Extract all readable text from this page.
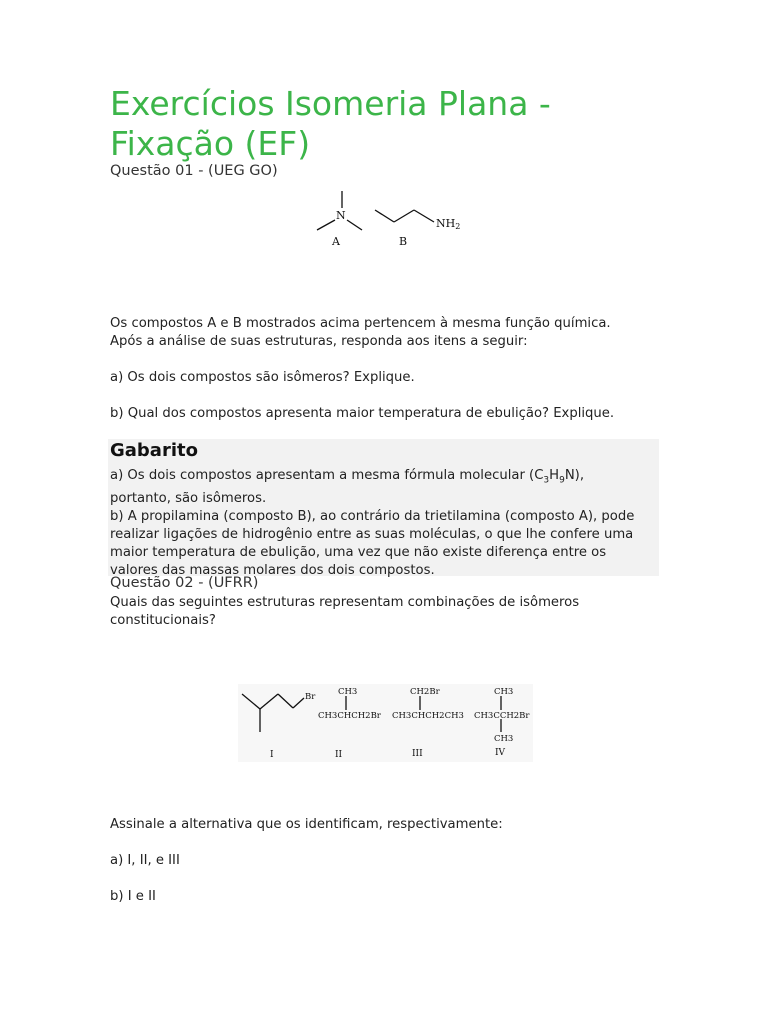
Exercícios Isomeria Plana - Fixação (EF)
Questão 01 - (UEG GO)
N
NH2
A	B
Os compostos A e B mostrados acima pertencem à mesma função química.
Após a análise de suas estruturas, responda aos itens a seguir:
a) Os dois compostos são isômeros? Explique.
b) Qual dos compostos apresenta maior temperatura de ebulição? Explique.
Gabarito
a) Os dois compostos apresentam a mesma fórmula molecular $(C_3H_9N)$,
portanto, são isômeros.
b) A propilamina (composto B), ao contrário da trietilamina (composto A), pode realizar ligações de hidrogênio entre as suas moléculas, o que lhe confere uma maior temperatura de ebulição, uma vez que não existe diferença entre os valores das massas molares dos dois compostos.
Questão 02 - (UFRR)
Quais das seguintes estruturas representam combinações de isômeros constitucionais?
Br	CH3
CH3CHCH2Br
CH2Br
CH3CHCH2CH3
CH3
CH3CCH2Br
CH3
I	II	III	IV
Assinale a alternativa que os identificam, respectivamente:
a) I, II, e III
b) I e II
